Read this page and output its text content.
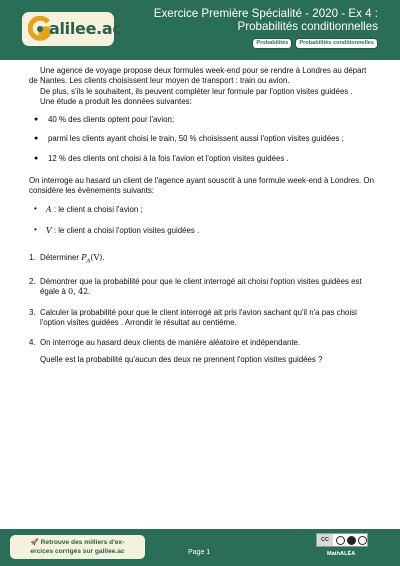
alilee.ac
Exercice Première Spécialité - 2020 - Ex 4 :
Probabilités conditionnelles
Probabilités	Probabilités conditionnelles

Une agence de voyage propose deux formules week-end pour se rendre à Londres au départ de Nantes. Les clients choisissent leur moyen de transport : train ou avion.

De plus, s'ils le souhaitent, ils peuvent compléter leur formule par l'option visites guidées .

Une étude a produit les données suivantes:

● 40 % des clients optent pour l'avion;
● parmi les clients ayant choisi le train, 50 % choisissent aussi l'option visites guidées ;
● 12 % des clients ont choisi à la fois l'avion et l'option visites guidées .

On interroge au hasard un client de l'agence ayant souscrit à une formule week-end à Londres. On considère les évènements suivants:

• A : le client a choisi l'avion ;
• V : le client a choisi l'option visites guidées .
1. Déterminer $P_A(V)$.
2. Démontrer que la probabilité pour que le client interrogé ait choisi l'option visites guidées est égale à 0, 42.
3. Calculer la probabilité pour que le client interrogé ait pris l'avion sachant qu'il n'a pas choisi l'option visites guidées . Arrondir le résultat au centième.
4. On interroge au hasard deux clients de manière aléatoire et indépendante.
Quelle est la probabilité qu'aucun des deux ne prennent l'option visites guidées ?
🚀 Retrouve des milliers d'ex-
ercices corrigés sur galilee.ac	Page 1
CC
MathALÉA
